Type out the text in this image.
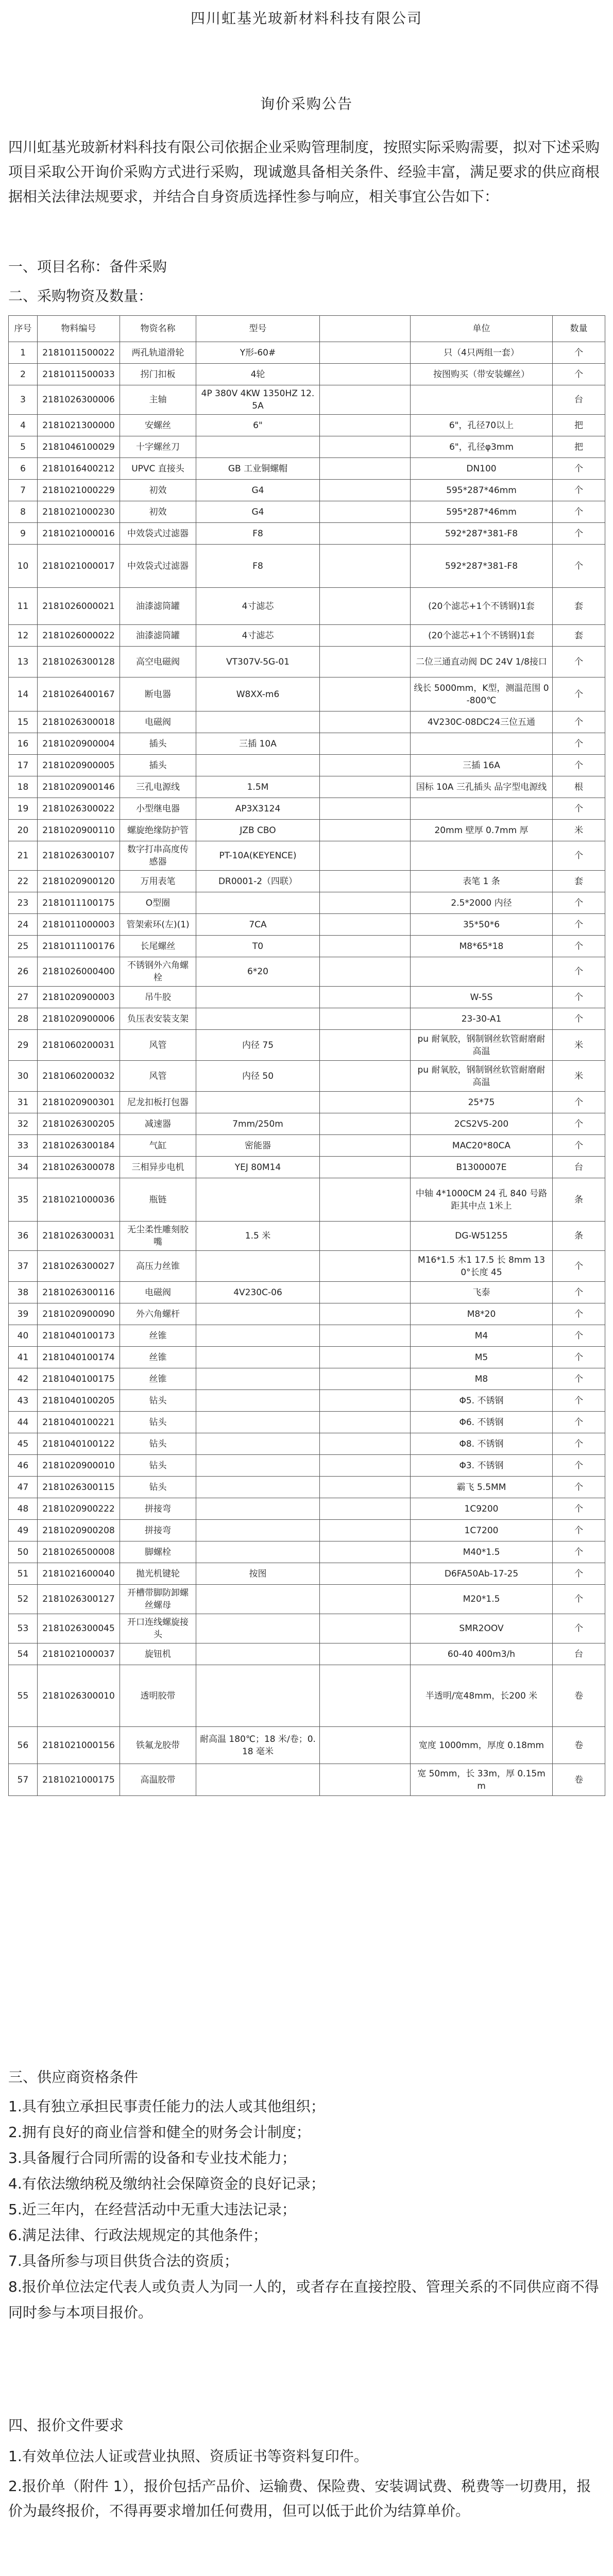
四川虹基光玻新材料科技有限公司
询价采购公告
四川虹基光玻新材料科技有限公司依据企业采购管理制度，按照实际采购需要，拟对下述采购项目采取公开询价采购方式进行采购，现诚邀具备相关条件、经验丰富，满足要求的供应商根据相关法律法规要求，并结合自身资质选择性参与响应，相关事宜公告如下：
一、项目名称：备件采购
二、采购物资及数量：
序号	物料编号	物资名称	型号		单位	数量
1	2181011500022	两孔轨道滑轮	Y形-60#		只（4只两组一套）	个
2	2181011500033	拐门扣板	4轮		按图购买（带安装螺丝）	个
3	2181026300006	主轴	4P 380V 4KW 1350HZ 12.5A			台
4	2181021300000	安螺丝	6"		6"，孔径70以上	把
5	2181046100029	十字螺丝刀			6"，孔径φ3mm	把
6	2181016400212	UPVC 直接头	GB 工业铜螺帽		DN100	个
7	2181021000229	初效	G4		595*287*46mm	个
8	2181021000230	初效	G4		595*287*46mm	个
9	2181021000016	中效袋式过滤器	F8		592*287*381-F8	个
10	2181021000017	中效袋式过滤器	F8		592*287*381-F8	个
11	2181026000021	油漆滤筒罐	4寸滤芯		(20个滤芯+1个不锈钢)1套	套
12	2181026000022	油漆滤筒罐	4寸滤芯		(20个滤芯+1个不锈钢)1套	套
13	2181026300128	高空电磁阀	VT307V-5G-01		二位三通直动阀 DC 24V 1/8接口	个
14	2181026400167	断电器	W8XX-m6		线长 5000mm，K型，测温范围 0-800℃	个
15	2181026300018	电磁阀			4V230C-08DC24三位五通	个
16	2181020900004	插头	三插 10A			个
17	2181020900005	插头			三插 16A	个
18	2181020900146	三孔电源线	1.5M		国标 10A 三孔插头 品字型电源线	根
19	2181026300022	小型继电器	AP3X3124			个
20	2181020900110	螺旋绝缘防护管	JZB CBO		20mm 壁厚 0.7mm 厚	米
21	2181026300107	数字打串高度传感器	PT-10A(KEYENCE)			个
22	2181020900120	万用表笔	DR0001-2（四联）		表笔 1 条	套
23	2181011100175	O型圈			2.5*2000 内径	个
24	2181011000003	管架索环(左)(1)	7CA		35*50*6	个
25	2181011100176	长尾螺丝	T0		M8*65*18	个
26	2181026000400	不锈钢外六角螺栓	6*20			个
27	2181020900003	吊牛胶			W-5S	个
28	2181020900006	负压表安装支架			23-30-A1	个
29	2181060200031	风管	内径 75		pu 耐氧胶，钢制钢丝软管耐磨耐高温	米
30	2181060200032	风管	内径 50		pu 耐氧胶，钢制钢丝软管耐磨耐高温	米
31	2181020900301	尼龙扣板打包器			25*75	个
32	2181026300205	减速器	7mm/250m		2CS2V5-200	个
33	2181026300184	气缸	密能器		MAC20*80CA	个
34	2181026300078	三相异步电机	YEJ 80M14		B1300007E	台
35	2181021000036	瓶链			中轴 4*1000CM 24 孔 840 号路距其中点 1米上	条
36	2181026300031	无尘柔性雕刻胶嘴	1.5 米		DG-W51255	条
37	2181026300027	高压力丝锥			M16*1.5 木1 17.5 长 8mm 130°长度 45	个
38	2181026300116	电磁阀	4V230C-06		飞泰	个
39	2181020900090	外六角螺杆			M8*20	个
40	2181040100173	丝锥			M4	个
41	2181040100174	丝锥			M5	个
42	2181040100175	丝锥			M8	个
43	2181040100205	钻头			Φ5. 不锈钢	个
44	2181040100221	钻头			Φ6. 不锈钢	个
45	2181040100122	钻头			Φ8. 不锈钢	个
46	2181020900010	钻头			Φ3. 不锈钢	个
47	2181026300115	钻头			霸飞 5.5MM	个
48	2181020900222	拼接弯			1C9200	个
49	2181020900208	拼接弯			1C7200	个
50	2181026500008	脚螺栓			M40*1.5	个
51	2181021600040	拋光机键轮	按图		D6FA50Ab-17-25	个
52	2181026300127	开槽带脚防卸螺丝螺母			M20*1.5	个
53	2181026300045	开口连线螺旋接头			SMR2OOV	个
54	2181021000037	旋钮机			60-40 400m3/h	台
55	2181026300010	透明胶带			半透明/宽48mm，长200 米	卷
56	2181021000156	铁氟龙胶带	耐高温 180℃；18 米/卷；0.18 毫米		宽度 1000mm，厚度 0.18mm	卷
57	2181021000175	高温胶带			宽 50mm，长 33m，厚 0.15mm	卷
三、供应商资格条件
1.具有独立承担民事责任能力的法人或其他组织；
2.拥有良好的商业信誉和健全的财务会计制度；
3.具备履行合同所需的设备和专业技术能力；
4.有依法缴纳税及缴纳社会保障资金的良好记录；
5.近三年内，在经营活动中无重大违法记录；
6.满足法律、行政法规规定的其他条件；
7.具备所参与项目供货合法的资质；
8.报价单位法定代表人或负责人为同一人的，或者存在直接控股、管理关系的不同供应商不得同时参与本项目报价。
四、报价文件要求
1.有效单位法人证或营业执照、资质证书等资料复印件。
2.报价单（附件 1），报价包括产品价、运输费、保险费、安装调试费、税费等一切费用，报价为最终报价，不得再要求增加任何费用，但可以低于此价为结算单价。
